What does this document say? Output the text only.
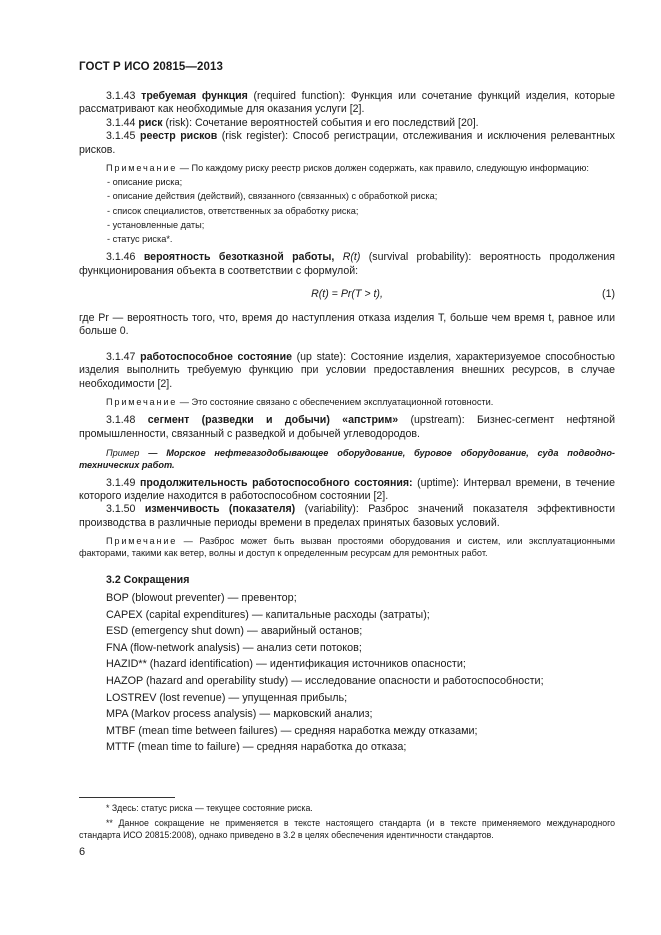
ГОСТ Р ИСО 20815—2013

3.1.43 требуемая функция (required function): Функция или сочетание функций изделия, которые рассматривают как необходимые для оказания услуги [2].

3.1.44 риск (risk): Сочетание вероятностей события и его последствий [20].

3.1.45 реестр рисков (risk register): Способ регистрации, отслеживания и исключения релевантных рисков.

Примечание — По каждому риску реестр рисков должен содержать, как правило, следующую информацию:

- описание риска;
- описание действия (действий), связанного (связанных) с обработкой риска;
- список специалистов, ответственных за обработку риска;
- установленные даты;
- статус риска*.

3.1.46 вероятность безотказной работы, R(t) (survival probability): вероятность продолжения функционирования объекта в соответствии с формулой:

R(t) = Pr(T > t),	(1)

где Pr — вероятность того, что, время до наступления отказа изделия T, больше чем время t, равное или больше 0.

3.1.47 работоспособное состояние (up state): Состояние изделия, характеризуемое способностью изделия выполнить требуемую функцию при условии предоставления внешних ресурсов, в случае необходимости [2].

Примечание — Это состояние связано с обеспечением эксплуатационной готовности.

3.1.48 сегмент (разведки и добычи) «апстрим» (upstream): Бизнес-сегмент нефтяной промышленности, связанный с разведкой и добычей углеводородов.

Пример — Морское нефтегазодобывающее оборудование, буровое оборудование, суда подводно-технических работ.

3.1.49 продолжительность работоспособного состояния: (uptime): Интервал времени, в течение которого изделие находится в работоспособном состоянии [2].

3.1.50 изменчивость (показателя) (variability): Разброс значений показателя эффективности производства в различные периоды времени в пределах принятых базовых условий.

Примечание — Разброс может быть вызван простоями оборудования и систем, или эксплуатационными факторами, такими как ветер, волны и доступ к определенным ресурсам для ремонтных работ.

3.2 Сокращения

BOP (blowout preventer) — превентор;
CAPEX (capital expenditures) — капитальные расходы (затраты);
ESD (emergency shut down) — аварийный останов;
FNA (flow-network analysis) — анализ сети потоков;
HAZID** (hazard identification) — идентификация источников опасности;
HAZOP (hazard and operability study) — исследование опасности и работоспособности;
LOSTREV (lost revenue) — упущенная прибыль;
MPA (Markov process analysis) — марковский анализ;
MTBF (mean time between failures) — средняя наработка между отказами;
MTTF (mean time to failure) — средняя наработка до отказа;
* Здесь: статус риска — текущее состояние риска.
** Данное сокращение не применяется в тексте настоящего стандарта (и в тексте применяемого международного стандарта ИСО 20815:2008), однако приведено в 3.2 в целях обеспечения идентичности стандартов.
6
